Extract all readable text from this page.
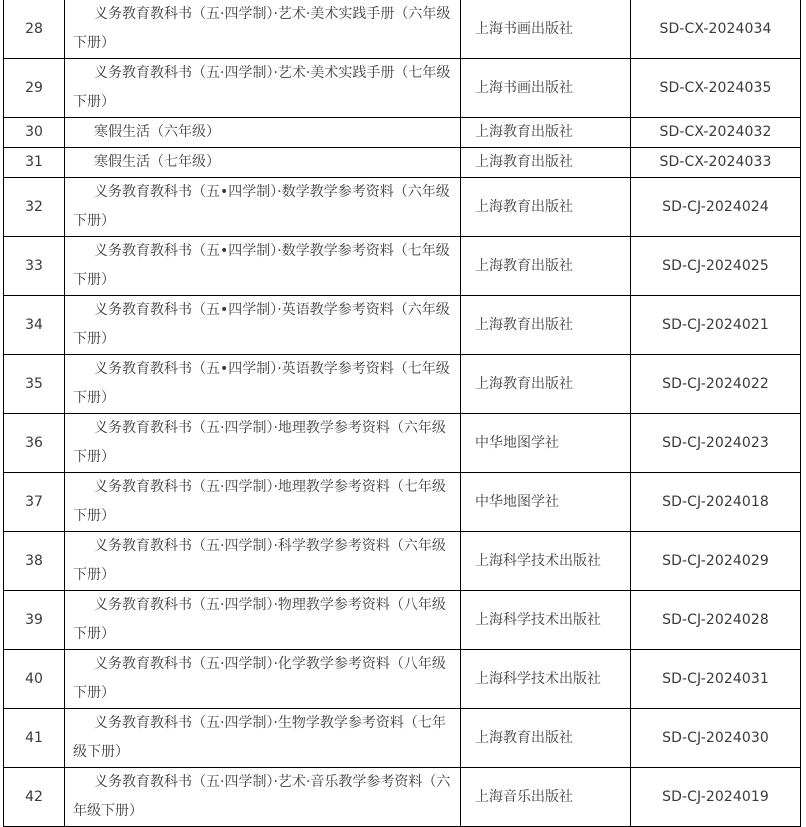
28	义务教育教科书（五·四学制）·艺术·美术实践手册（六年级下册）	上海书画出版社	SD-CX-2024034
29	义务教育教科书（五·四学制）·艺术·美术实践手册（七年级下册）	上海书画出版社	SD-CX-2024035
30	寒假生活（六年级）	上海教育出版社	SD-CX-2024032
31	寒假生活（七年级）	上海教育出版社	SD-CX-2024033
32	义务教育教科书（五•四学制）·数学教学参考资料（六年级下册）	上海教育出版社	SD-CJ-2024024
33	义务教育教科书（五•四学制）·数学教学参考资料（七年级下册）	上海教育出版社	SD-CJ-2024025
34	义务教育教科书（五•四学制）·英语教学参考资料（六年级下册）	上海教育出版社	SD-CJ-2024021
35	义务教育教科书（五•四学制）·英语教学参考资料（七年级下册）	上海教育出版社	SD-CJ-2024022
36	义务教育教科书（五·四学制）·地理教学参考资料（六年级下册）	中华地图学社	SD-CJ-2024023
37	义务教育教科书（五·四学制）·地理教学参考资料（七年级下册）	中华地图学社	SD-CJ-2024018
38	义务教育教科书（五·四学制）·科学教学参考资料（六年级下册）	上海科学技术出版社	SD-CJ-2024029
39	义务教育教科书（五·四学制）·物理教学参考资料（八年级下册）	上海科学技术出版社	SD-CJ-2024028
40	义务教育教科书（五·四学制）·化学教学参考资料（八年级下册）	上海科学技术出版社	SD-CJ-2024031
41	义务教育教科书（五·四学制）·生物学教学参考资料（七年级下册）	上海教育出版社	SD-CJ-2024030
42	义务教育教科书（五·四学制）·艺术·音乐教学参考资料（六年级下册）	上海音乐出版社	SD-CJ-2024019
